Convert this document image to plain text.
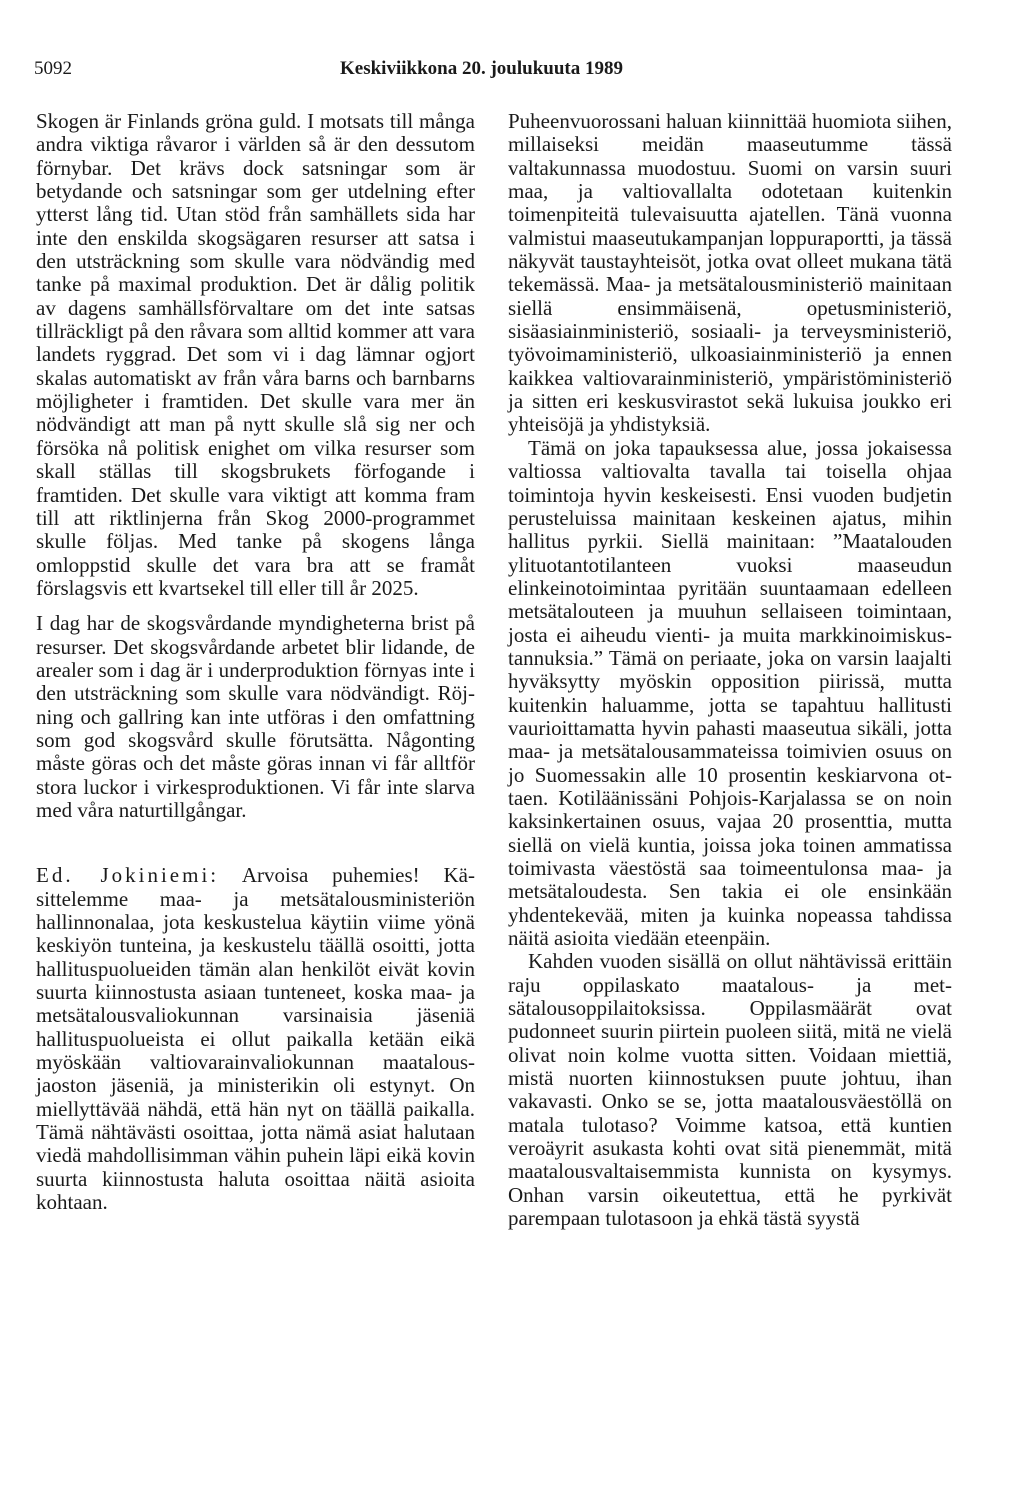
5092	Keskiviikkona 20. joulukuuta 1989

Skogen är Finlands gröna guld. I motsats till många andra viktiga råvaror i världen så är den dessutom förnybar. Det krävs dock satsningar som är betydande och satsningar som ger utdelning efter ytterst lång tid. Utan stöd från samhällets sida har inte den enskilda skogsägaren resurser att satsa i den utsträckning som skulle vara nödvändig med tanke på maximal produktion. Det är dålig politik av dagens samhällsförvaltare om det inte satsas tillräckligt på den råvara som alltid kommer att vara landets ryggrad. Det som vi i dag lämnar ogjort skalas automatiskt av från våra barns och barnbarns möjligheter i framtiden. Det skulle vara mer än nödvändigt att man på nytt skulle slå sig ner och försöka nå politisk enighet om vilka resurser som skall ställas till skogsbrukets förfogande i framtiden. Det skulle vara viktigt att komma fram till att riktlinjerna från Skog 2000-programmet skulle följas. Med tanke på skogens långa omloppstid skulle det vara bra att se framåt förslagsvis ett kvartsekel till eller till år 2025.

I dag har de skogsvårdande myndigheterna brist på resurser. Det skogsvårdande arbetet blir lidande, de arealer som i dag är i underproduktion förnyas inte i den utsträckning som skulle vara nödvändigt. Röjning och gallring kan inte utföras i den omfattning som god skogsvård skulle förutsätta. Någonting måste göras och det måste göras innan vi får alltför stora luckor i virkesproduktionen. Vi får inte slarva med våra naturtillgångar.

Ed. Jokiniemi: Arvoisa puhemies! Käsittelemme maa- ja metsätalousministeriön hallinnonalaa, jota keskustelua käytiin viime yönä keskiyön tunteina, ja keskustelu täällä osoitti, jotta hallituspuolueiden tämän alan henkilöt eivät kovin suurta kiinnostusta asiaan tunteneet, koska maa- ja metsätalousvaliokunnan varsinaisia jäseniä hallituspuolueista ei ollut paikalla ketään eikä myöskään valtiovarainvaliokunnan maatalousjaoston jäseniä, ja ministerikin oli estynyt. On miellyttävää nähdä, että hän nyt on täällä paikalla. Tämä nähtävästi osoittaa, jotta nämä asiat halutaan viedä mahdollisimman vähin puhein läpi eikä kovin suurta kiinnostusta haluta osoittaa näitä asioita kohtaan.

Puheenvuorossani haluan kiinnittää huomiota siihen, millaiseksi meidän maaseutumme tässä valtakunnassa muodostuu. Suomi on varsin suuri maa, ja valtiovallalta odotetaan kuitenkin toimenpiteitä tulevaisuutta ajatellen. Tänä vuonna valmistui maaseutukampanjan loppuraportti, ja tässä näkyvät taustayhteisöt, jotka ovat olleet mukana tätä tekemässä. Maa- ja metsätalousministeriö mainitaan siellä ensimmäisenä, opetusministeriö, sisäasiainministeriö, sosiaali- ja terveysministeriö, työvoimaministeriö, ulkoasiainministeriö ja ennen kaikkea valtiovarainministeriö, ympäristöministeriö ja sitten eri keskusvirastot sekä lukuisa joukko eri yhteisöjä ja yhdistyksiä.

Tämä on joka tapauksessa alue, jossa jokaisessa valtiossa valtiovalta tavalla tai toisella ohjaa toimintoja hyvin keskeisesti. Ensi vuoden budjetin perusteluissa mainitaan keskeinen ajatus, mihin hallitus pyrkii. Siellä mainitaan: ”Maatalouden ylituotantotilanteen vuoksi maaseudun elinkeinotoimintaa pyritään suuntaamaan edelleen metsätalouteen ja muuhun sellaiseen toimintaan, josta ei aiheudu vienti- ja muita markkinoimiskustannuksia.” Tämä on periaate, joka on varsin laajalti hyväksytty myöskin opposition piirissä, mutta kuitenkin haluamme, jotta se tapahtuu hallitusti vaurioittamatta hyvin pahasti maaseutua sikäli, jotta maa- ja metsätalousammateissa toimivien osuus on jo Suomessakin alle 10 prosentin keskiarvona ottaen. Kotiläänissäni Pohjois-Karjalassa se on noin kaksinkertainen osuus, vajaa 20 prosenttia, mutta siellä on vielä kuntia, joissa joka toinen ammatissa toimivasta väestöstä saa toimeentulonsa maa- ja metsätaloudesta. Sen takia ei ole ensinkään yhdentekevää, miten ja kuinka nopeassa tahdissa näitä asioita viedään eteenpäin.

Kahden vuoden sisällä on ollut nähtävissä erittäin raju oppilaskato maatalous- ja metsätalousoppilaitoksissa. Oppilasmäärät ovat pudonneet suurin piirtein puoleen siitä, mitä ne vielä olivat noin kolme vuotta sitten. Voidaan miettiä, mistä nuorten kiinnostuksen puute johtuu, ihan vakavasti. Onko se se, jotta maatalousväestöllä on matala tulotaso? Voimme katsoa, että kuntien veroäyrit asukasta kohti ovat sitä pienemmät, mitä maatalousvaltaisemmista kunnista on kysymys. Onhan varsin oikeutettua, että he pyrkivät parempaan tulotasoon ja ehkä tästä syystä
